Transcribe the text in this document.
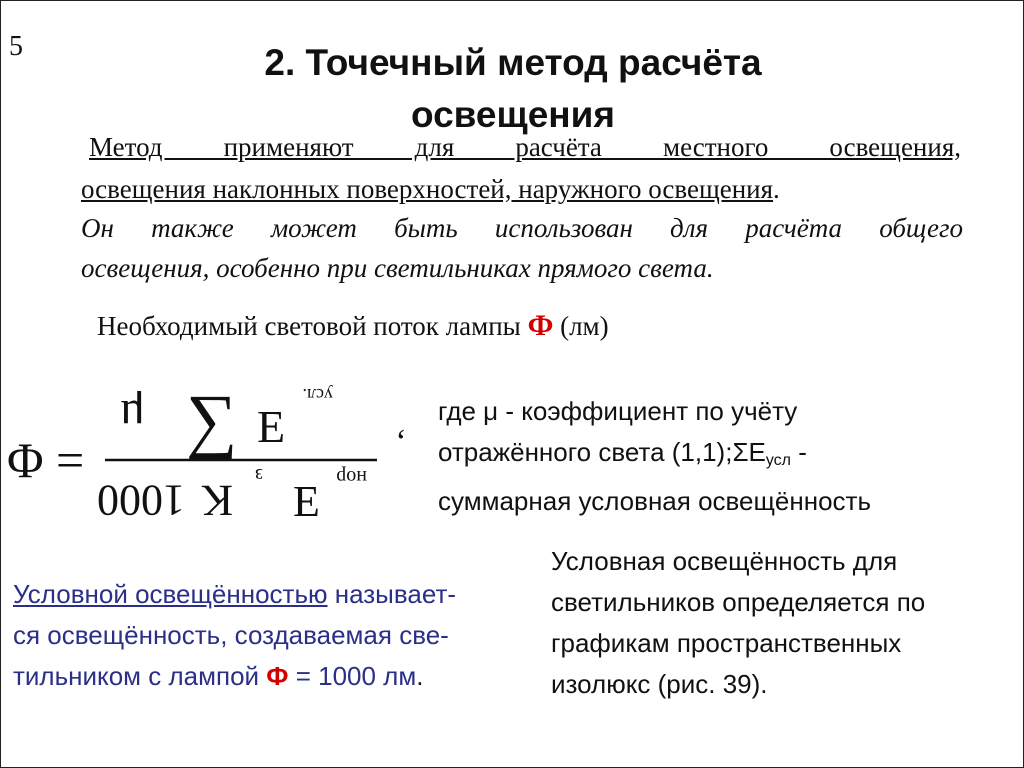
5	2. Точечный метод расчёта
освещения
Метод применяют для расчёта местного освещения,
освещения наклонных поверхностей, наружного освещения.
Он также может быть использован для расчёта общего
освещения, особенно при светильниках прямого света.
Необходимый световой поток лампы Ф (лм)
Φ =
μ ∑ E
усл.
1000 K
з
E нор
,
где μ - коэффициент по учёту
отражённого света $(1,1);\Sigma E_{усл}$ -
суммарная условная освещённость
Условной освещённостью называет-
ся освещённость, создаваемая све-
тильником с лампой Ф = 1000 лм.
Условная освещённость для
светильников определяется по
графикам пространственных
изолюкс (рис. 39).
